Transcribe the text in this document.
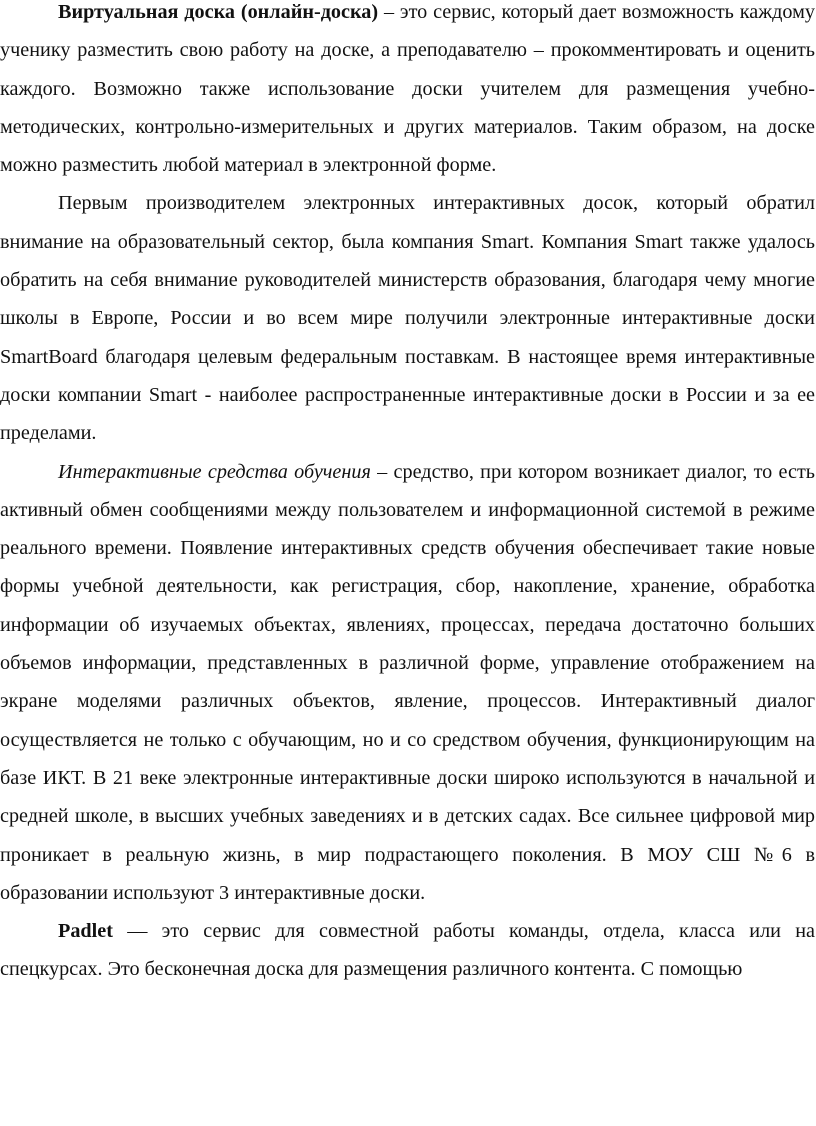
Виртуальная доска (онлайн-доска) – это сервис, который дает возможность каждому ученику разместить свою работу на доске, а преподавателю – прокомментировать и оценить каждого. Возможно также использование доски учителем для размещения учебно-методических, контрольно-измерительных и других материалов. Таким образом, на доске можно разместить любой материал в электронной форме.

Первым производителем электронных интерактивных досок, который обратил внимание на образовательный сектор, была компания Smart. Компания Smart также удалось обратить на себя внимание руководителей министерств образования, благодаря чему многие школы в Европе, России и во всем мире получили электронные интерактивные доски SmartBoard благодаря целевым федеральным поставкам. В настоящее время интерактивные доски компании Smart - наиболее распространенные интерактивные доски в России и за ее пределами.

Интерактивные средства обучения – средство, при котором возникает диалог, то есть активный обмен сообщениями между пользователем и информационной системой в режиме реального времени. Появление интерактивных средств обучения обеспечивает такие новые формы учебной деятельности, как регистрация, сбор, накопление, хранение, обработка информации об изучаемых объектах, явлениях, процессах, передача достаточно больших объемов информации, представленных в различной форме, управление отображением на экране моделями различных объектов, явление, процессов. Интерактивный диалог осуществляется не только с обучающим, но и со средством обучения, функционирующим на базе ИКТ. В 21 веке электронные интерактивные доски широко используются в начальной и средней школе, в высших учебных заведениях и в детских садах. Все сильнее цифровой мир проникает в реальную жизнь, в мир подрастающего поколения. В МОУ СШ №6 в образовании используют 3 интерактивные доски.

Padlet — это сервис для совместной работы команды, отдела, класса или на спецкурсах. Это бесконечная доска для размещения различного контента. С помощью
